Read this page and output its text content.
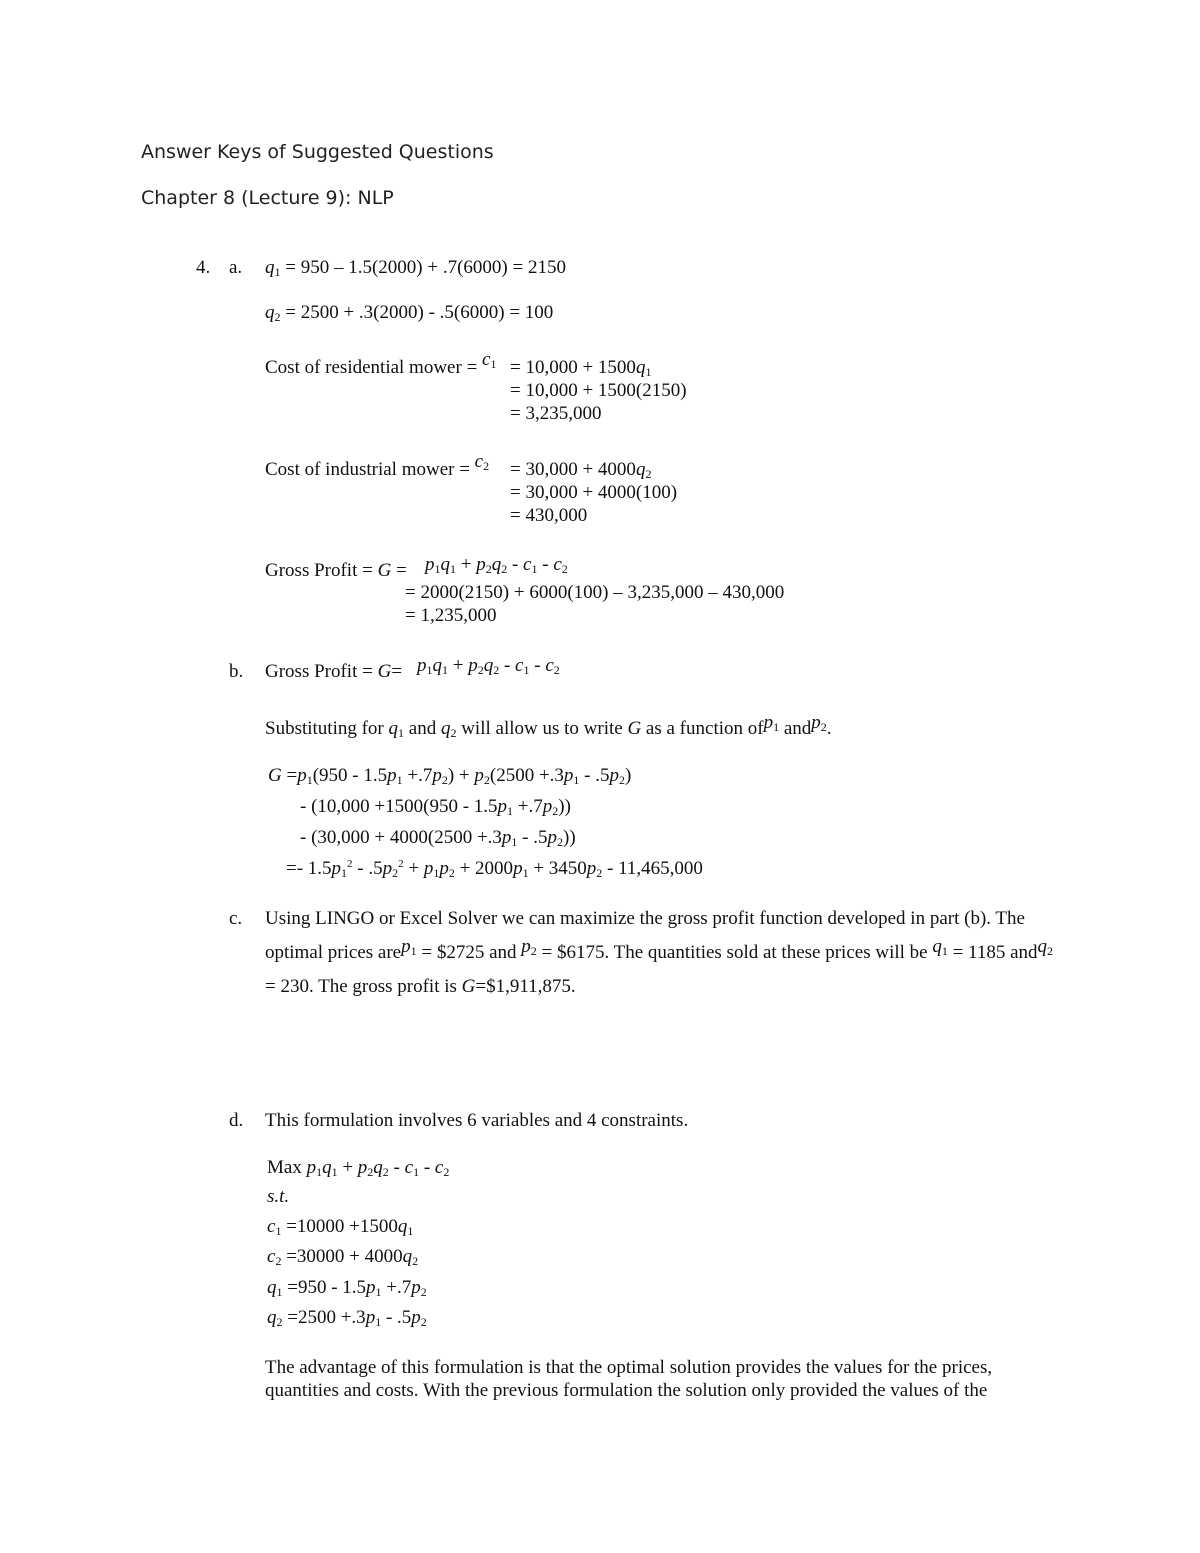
Answer Keys of Suggested Questions
Chapter 8 (Lecture 9): NLP
4. a. $q_1 = 950 - 1.5(2000) + .7(6000) = 2150$
$q_2 = 2500 + .3(2000) - .5(6000) = 100$
Cost of residential mower = $c_1 = 10,000 + 1500q_1$
= 10,000 + 1500(2150)
= 3,235,000
Cost of industrial mower = $c_2 = 30,000 + 4000q_2$
= 30,000 + 4000(100)
= 430,000
Gross Profit = $G = p_1q_1 + p_2q_2 - c_1 - c_2$
= 2000(2150) + 6000(100) – 3,235,000 – 430,000
= 1,235,000
b. Gross Profit = $G= p_1q_1 + p_2q_2 - c_1 - c_2$
Substituting for $q_1$ and $q_2$ will allow us to write G as a function ofp$_1$ andp$_2$.
$G =p_1(950 - 1.5p_1 +.7p_2) + p_2(2500 +.3p_1 - .5p_2)$
- $(10,000 +1500(950 - 1.5p_1 +.7p_2))$
- $(30,000 + 4000(2500 +.3p_1 - .5p_2))$
=- $1.5p_1^2 - .5p_2^2 + p_1p_2 + 2000p_1 + 3450p_2 - 11,465,000$
c. Using LINGO or Excel Solver we can maximize the gross profit function developed in part (b). The optimal prices arep$_1$ = $2725 and $p_2$ = $6175. The quantities sold at these prices will be $q_1 = 1185$ andq$_2$ = 230. The gross profit is G=$1,911,875.
d. This formulation involves 6 variables and 4 constraints.
Max $p_1q_1 + p_2q_2 - c_1 - c_2$
s.t.
$c_1 =10000 +1500q_1$
$c_2 =30000 + 4000q_2$
$q_1 =950 - 1.5p_1 +.7p_2$
$q_2 =2500 +.3p_1 - .5p_2$
The advantage of this formulation is that the optimal solution provides the values for the prices, quantities and costs. With the previous formulation the solution only provided the values of the
